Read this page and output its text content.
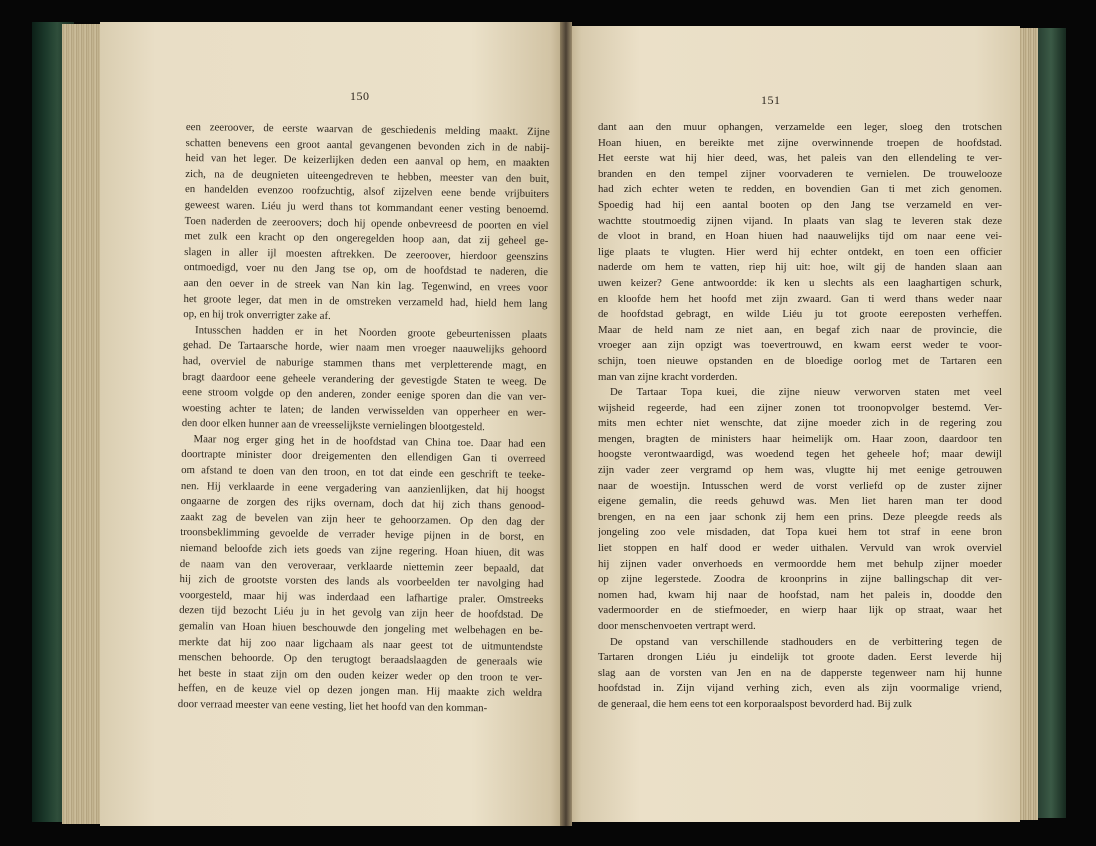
150
een zeeroover, de eerste waarvan de geschiedenis melding maakt. Zijne
schatten benevens een groot aantal gevangenen bevonden zich in de nabij-
heid van het leger. De keizerlijken deden een aanval op hem, en maakten
zich, na de deugnieten uiteengedreven te hebben, meester van den buit,
en handelden evenzoo roofzuchtig, alsof zijzelven eene bende vrijbuiters
geweest waren. Liéu ju werd thans tot kommandant eener vesting benoemd.
Toen naderden de zeeroovers; doch hij opende onbevreesd de poorten en viel
met zulk een kracht op den ongeregelden hoop aan, dat zij geheel ge-
slagen in aller ijl moesten aftrekken. De zeeroover, hierdoor geenszins
ontmoedigd, voer nu den Jang tse op, om de hoofdstad te naderen, die
aan den oever in de streek van Nan kin lag. Tegenwind, en vrees voor
het groote leger, dat men in de omstreken verzameld had, hield hem lang
op, en hij trok onverrigter zake af.
Intusschen hadden er in het Noorden groote gebeurtenissen plaats
gehad. De Tartaarsche horde, wier naam men vroeger naauwelijks gehoord
had, overviel de naburige stammen thans met verpletterende magt, en
bragt daardoor eene geheele verandering der gevestigde Staten te weeg. De
eene stroom volgde op den anderen, zonder eenige sporen dan die van ver-
woesting achter te laten; de landen verwisselden van opperheer en wer-
den door elken hunner aan de vreesselijkste vernielingen blootgesteld.
Maar nog erger ging het in de hoofdstad van China toe. Daar had een
doortrapte minister door dreigementen den ellendigen Gan ti overreed
om afstand te doen van den troon, en tot dat einde een geschrift te teeke-
nen. Hij verklaarde in eene vergadering van aanzienlijken, dat hij hoogst
ongaarne de zorgen des rijks overnam, doch dat hij zich thans genood-
zaakt zag de bevelen van zijn heer te gehoorzamen. Op den dag der
troonsbeklimming gevoelde de verrader hevige pijnen in de borst, en
niemand beloofde zich iets goeds van zijne regering. Hoan hiuen, dit was
de naam van den veroveraar, verklaarde niettemin zeer bepaald, dat
hij zich de grootste vorsten des lands als voorbeelden ter navolging had
voorgesteld, maar hij was inderdaad een lafhartige praler. Omstreeks
dezen tijd bezocht Liéu ju in het gevolg van zijn heer de hoofdstad. De
gemalin van Hoan hiuen beschouwde den jongeling met welbehagen en be-
merkte dat hij zoo naar ligchaam als naar geest tot de uitmuntendste
menschen behoorde. Op den terugtogt beraadslaagden de generaals wie
het beste in staat zijn om den ouden keizer weder op den troon te ver-
heffen, en de keuze viel op dezen jongen man. Hij maakte zich weldra
door verraad meester van eene vesting, liet het hoofd van den komman-
151
dant aan den muur ophangen, verzamelde een leger, sloeg den trotschen
Hoan hiuen, en bereikte met zijne overwinnende troepen de hoofdstad.
Het eerste wat hij hier deed, was, het paleis van den ellendeling te ver-
branden en den tempel zijner voorvaderen te vernielen. De trouwelooze
had zich echter weten te redden, en bovendien Gan ti met zich genomen.
Spoedig had hij een aantal booten op den Jang tse verzameld en ver-
wachtte stoutmoedig zijnen vijand. In plaats van slag te leveren stak deze
de vloot in brand, en Hoan hiuen had naauwelijks tijd om naar eene vei-
lige plaats te vlugten. Hier werd hij echter ontdekt, en toen een officier
naderde om hem te vatten, riep hij uit: hoe, wilt gij de handen slaan aan
uwen keizer? Gene antwoordde: ik ken u slechts als een laaghartigen schurk,
en kloofde hem het hoofd met zijn zwaard. Gan ti werd thans weder naar
de hoofdstad gebragt, en wilde Liéu ju tot groote eereposten verheffen.
Maar de held nam ze niet aan, en begaf zich naar de provincie, die
vroeger aan zijn opzigt was toevertrouwd, en kwam eerst weder te voor-
schijn, toen nieuwe opstanden en de bloedige oorlog met de Tartaren een
man van zijne kracht vorderden.
De Tartaar Topa kuei, die zijne nieuw verworven staten met veel
wijsheid regeerde, had een zijner zonen tot troonopvolger bestemd. Ver-
mits men echter niet wenschte, dat zijne moeder zich in de regering zou
mengen, bragten de ministers haar heimelijk om. Haar zoon, daardoor ten
hoogste verontwaardigd, was woedend tegen het geheele hof; maar dewijl
zijn vader zeer vergramd op hem was, vlugtte hij met eenige getrouwen
naar de woestijn. Intusschen werd de vorst verliefd op de zuster zijner
eigene gemalin, die reeds gehuwd was. Men liet haren man ter dood
brengen, en na een jaar schonk zij hem een prins. Deze pleegde reeds als
jongeling zoo vele misdaden, dat Topa kuei hem tot straf in eene bron
liet stoppen en half dood er weder uithalen. Vervuld van wrok overviel
hij zijnen vader onverhoeds en vermoordde hem met behulp zijner moeder
op zijne legerstede. Zoodra de kroonprins in zijne ballingschap dit ver-
nomen had, kwam hij naar de hoofstad, nam het paleis in, doodde den
vadermoorder en de stiefmoeder, en wierp haar lijk op straat, waar het
door menschenvoeten vertrapt werd.
De opstand van verschillende stadhouders en de verbittering tegen de
Tartaren drongen Liéu ju eindelijk tot groote daden. Eerst leverde hij
slag aan de vorsten van Jen en na de dapperste tegenweer nam hij hunne
hoofdstad in. Zijn vijand verhing zich, even als zijn voormalige vriend,
de generaal, die hem eens tot een korporaalspost bevorderd had. Bij zulk
